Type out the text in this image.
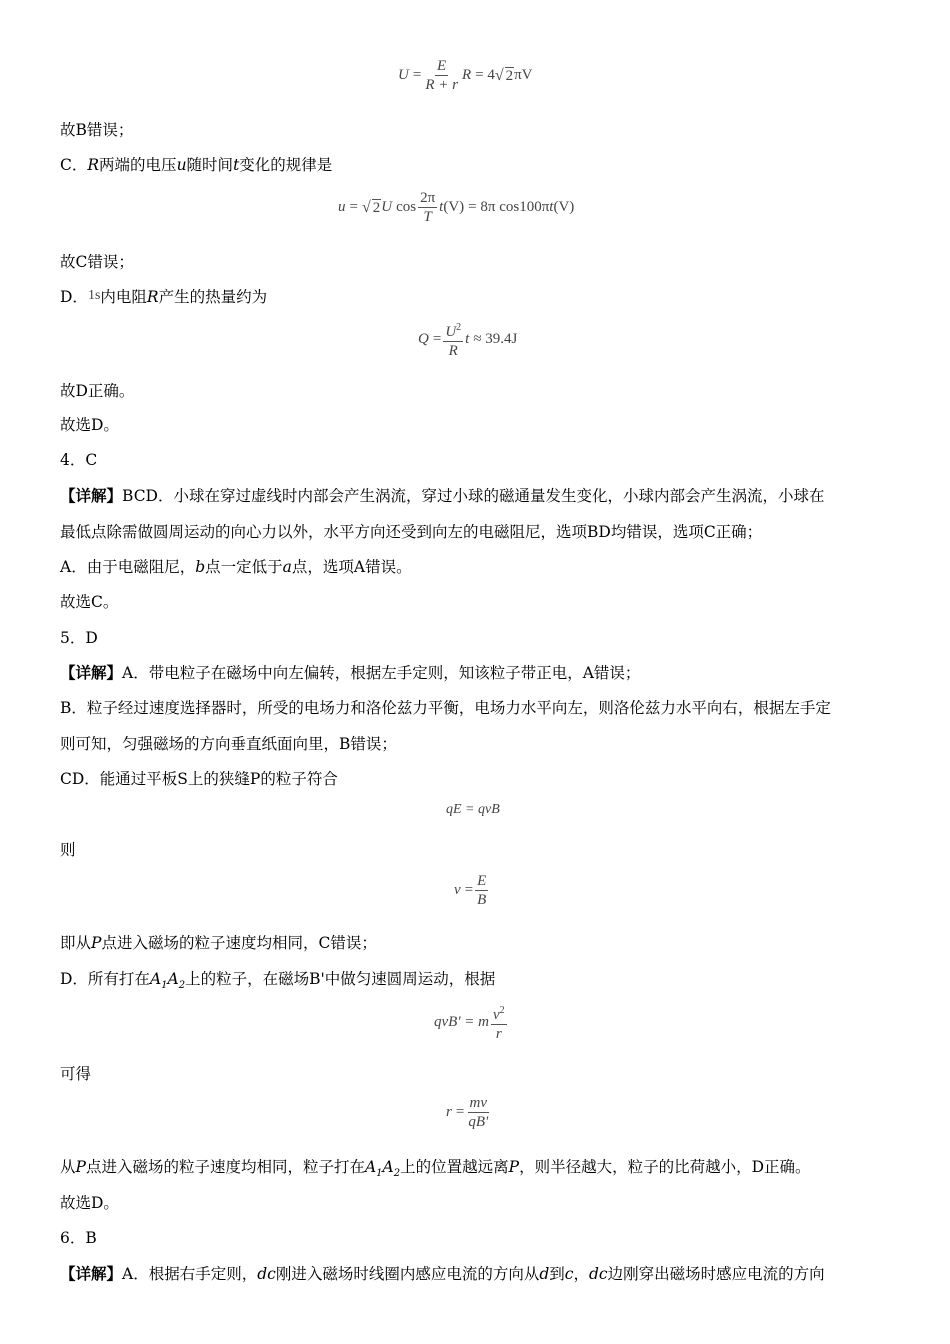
$U = \frac{E}{R + r}$ R = 4 √ 2 πV
故B错误；
C．R两端的电压u随时间t变化的规律是
u = √ 2 U $\cos \frac{2\pi}{T}$ t (V) = 8π cos100π t (V)
故C错误；
D．1s内电阻R产生的热量约为
$Q = \frac{U^2}{R}$ t ≈ 39.4J
故D正确。
故选D。
4．C
【详解】BCD．小球在穿过虚线时内部会产生涡流，穿过小球的磁通量发生变化，小球内部会产生涡流，小球在
最低点除需做圆周运动的向心力以外，水平方向还受到向左的电磁阻尼，选项BD均错误，选项C正确；
A．由于电磁阻尼，b点一定低于a点，选项A错误。
故选C。
5．D
【详解】A．带电粒子在磁场中向左偏转，根据左手定则，知该粒子带正电，A错误；
B．粒子经过速度选择器时，所受的电场力和洛伦兹力平衡，电场力水平向左，则洛伦兹力水平向右，根据左手定
则可知，匀强磁场的方向垂直纸面向里，B错误；
CD．能通过平板S上的狭缝P的粒子符合
qE = qvB
则
$v = \frac{E}{B}$
即从P点进入磁场的粒子速度均相同，C错误；
D．所有打在$A_1A_2$上的粒子，在磁场B'中做匀速圆周运动，根据
qvB' = m $\frac{v^2}{r}$
可得
$r = \frac{mv}{qB'}$
从P点进入磁场的粒子速度均相同，粒子打在$A_1A_2$上的位置越远离P，则半径越大，粒子的比荷越小，D正确。
故选D。
6．B
【详解】A．根据右手定则，dc刚进入磁场时线圈内感应电流的方向从d到c，dc边刚穿出磁场时感应电流的方向
